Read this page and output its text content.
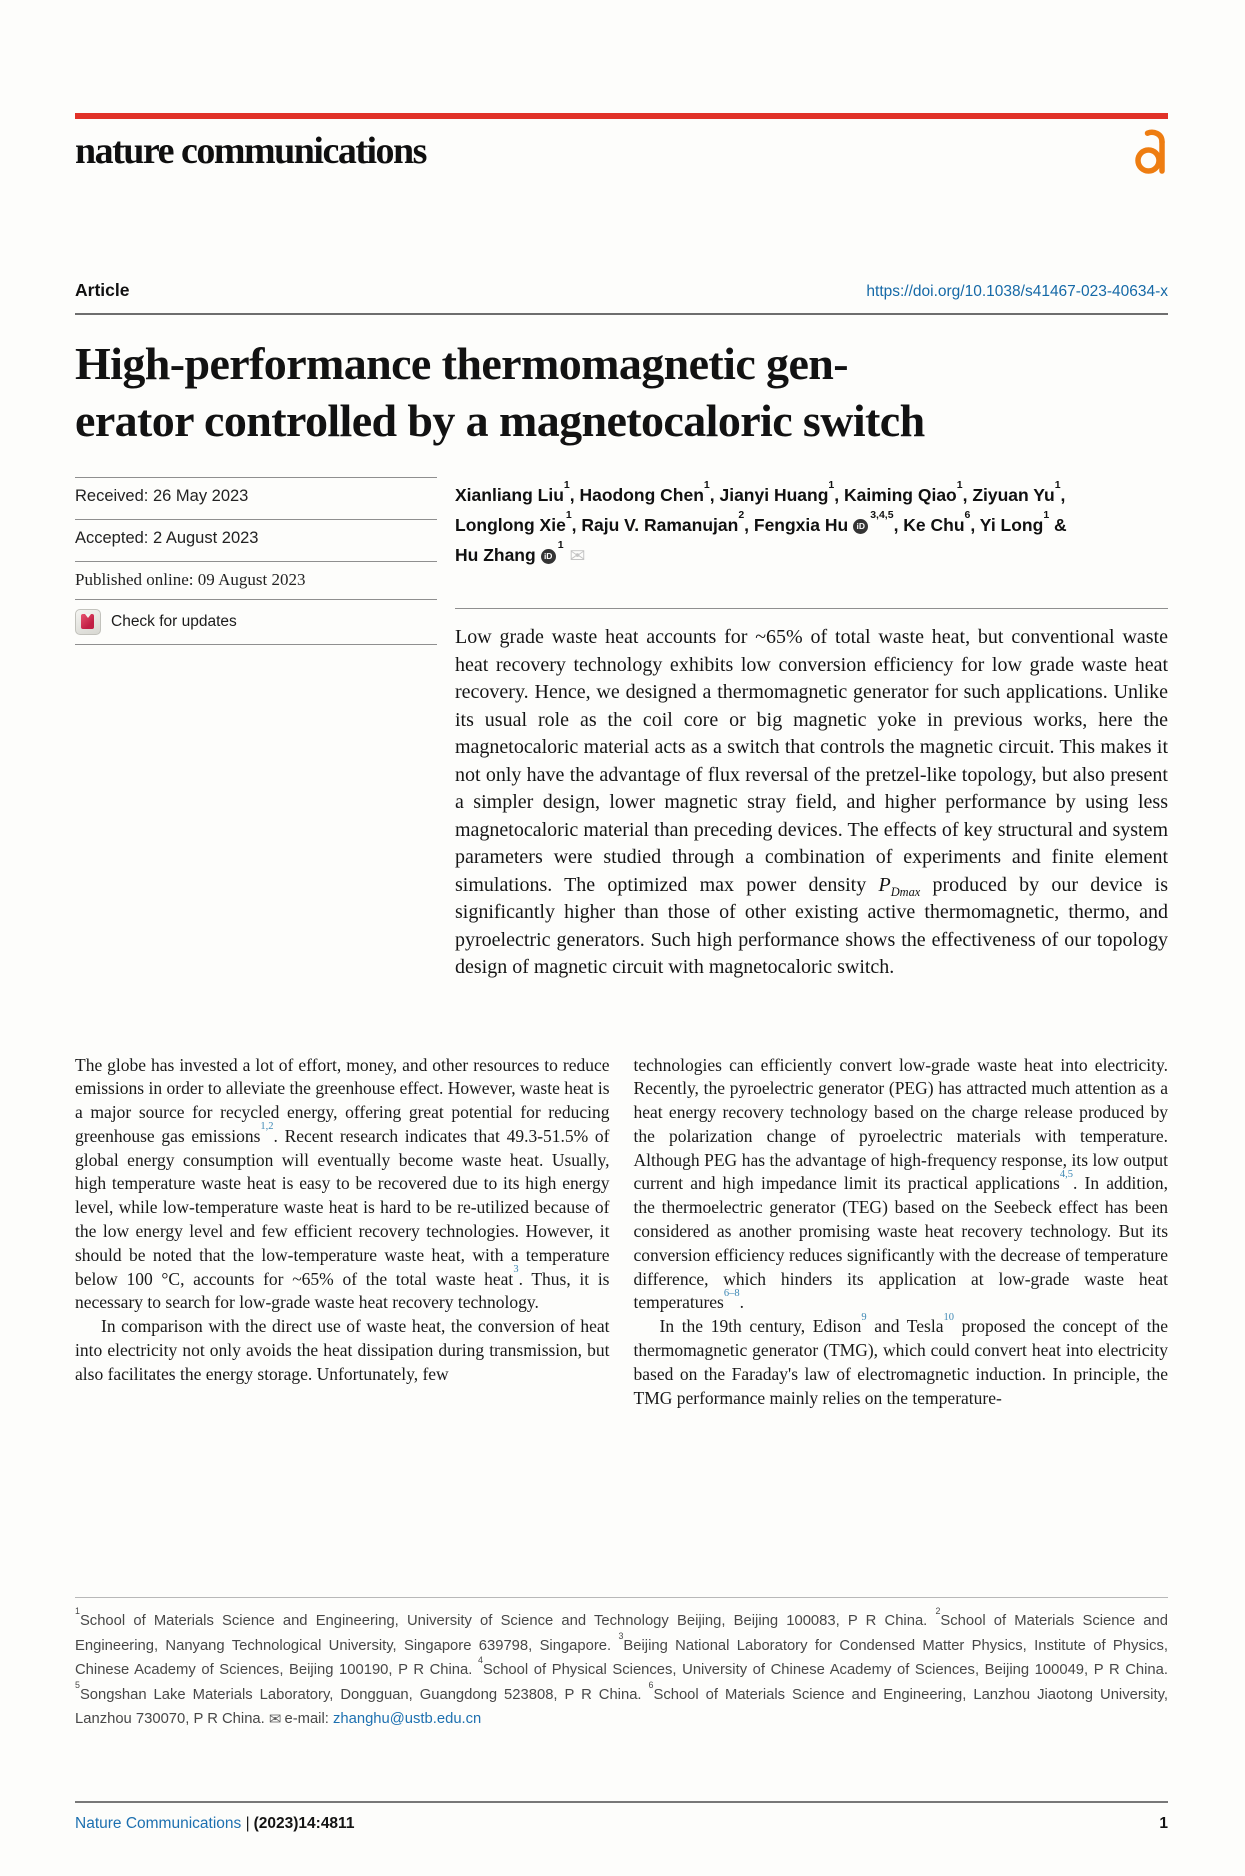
nature communications
Article	https://doi.org/10.1038/s41467-023-40634-x
High-performance thermomagnetic gen-
erator controlled by a magnetocaloric switch
Received: 26 May 2023
Accepted: 2 August 2023
Published online: 09 August 2023
Check for updates
Xianliang Liu$^1$, Haodong Chen$^1$, Jianyi Huang$^1$, Kaiming Qiao$^1$, Ziyuan Yu$^1$,
Longlong Xie$^1$, Raju V. Ramanujan$^2$, Fengxia Hu iD$^{3,4,5}$, Ke Chu$^6$, Yi Long$^1$ &
Hu Zhang $iD^1✉$
Low grade waste heat accounts for ~65% of total waste heat, but conventional waste heat recovery technology exhibits low conversion efficiency for low grade waste heat recovery. Hence, we designed a thermomagnetic generator for such applications. Unlike its usual role as the coil core or big magnetic yoke in previous works, here the magnetocaloric material acts as a switch that controls the magnetic circuit. This makes it not only have the advantage of flux reversal of the pretzel-like topology, but also present a simpler design, lower magnetic stray field, and higher performance by using less magnetocaloric material than preceding devices. The effects of key structural and system parameters were studied through a combination of experiments and finite element simulations. The optimized max power density $P_{Dmax}$ produced by our device is significantly higher than those of other existing active thermomagnetic, thermo, and pyroelectric generators. Such high performance shows the effectiveness of our topology design of magnetic circuit with magnetocaloric switch.

The globe has invested a lot of effort, money, and other resources to reduce emissions in order to alleviate the greenhouse effect. However, waste heat is a major source for recycled energy, offering great potential for reducing greenhouse gas emissions$^{1,2}$. Recent research indicates that 49.3-51.5% of global energy consumption will eventually become waste heat. Usually, high temperature waste heat is easy to be recovered due to its high energy level, while low-temperature waste heat is hard to be re-utilized because of the low energy level and few efficient recovery technologies. However, it should be noted that the low-temperature waste heat, with a temperature below 100 °C, accounts for ~65% of the total waste heat$^3$. Thus, it is necessary to search for low-grade waste heat recovery technology.

In comparison with the direct use of waste heat, the conversion of heat into electricity not only avoids the heat dissipation during transmission, but also facilitates the energy storage. Unfortunately, few

technologies can efficiently convert low-grade waste heat into electricity. Recently, the pyroelectric generator (PEG) has attracted much attention as a heat energy recovery technology based on the charge release produced by the polarization change of pyroelectric materials with temperature. Although PEG has the advantage of high-frequency response, its low output current and high impedance limit its practical applications$^{4,5}$. In addition, the thermoelectric generator (TEG) based on the Seebeck effect has been considered as another promising waste heat recovery technology. But its conversion efficiency reduces significantly with the decrease of temperature difference, which hinders its application at low-grade waste heat temperatures$^{6-8}$.

In the 19th century, Edison$^9$ and Tesla$^{10}$ proposed the concept of the thermomagnetic generator (TMG), which could convert heat into electricity based on the Faraday's law of electromagnetic induction. In principle, the TMG performance mainly relies on the temperature-

$^1$School of Materials Science and Engineering, University of Science and Technology Beijing, Beijing 100083, P R China. $^2$School of Materials Science and Engineering, Nanyang Technological University, Singapore 639798, Singapore. $^3$Beijing National Laboratory for Condensed Matter Physics, Institute of Physics, Chinese Academy of Sciences, Beijing 100190, P R China. $^4$School of Physical Sciences, University of Chinese Academy of Sciences, Beijing 100049, P R China. $^5$Songshan Lake Materials Laboratory, Dongguan, Guangdong 523808, P R China. $^6$School of Materials Science and Engineering, Lanzhou Jiaotong University, Lanzhou 730070, P R China. ✉ e-mail: zhanghu@ustb.edu.cn
Nature Communications | (2023)14:4811	1
